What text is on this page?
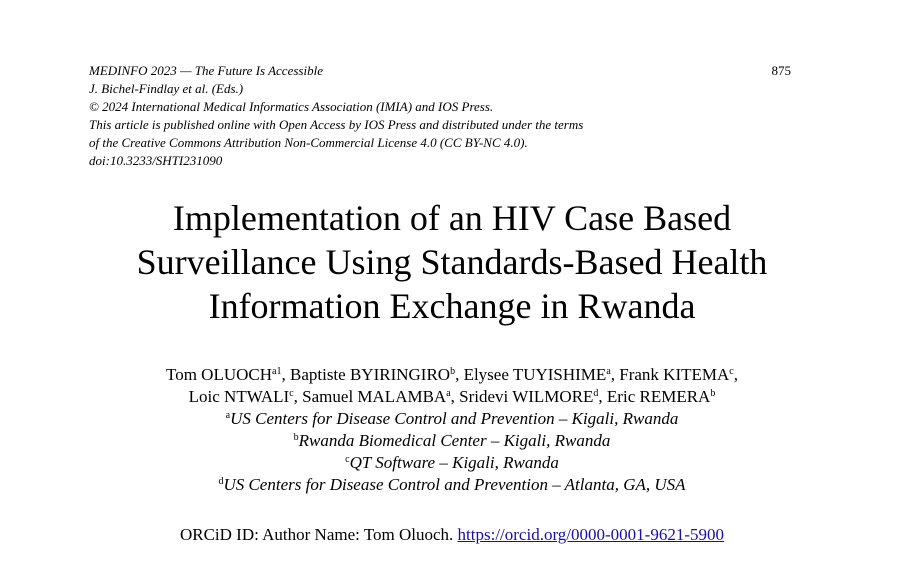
MEDINFO 2023 — The Future Is Accessible
J. Bichel-Findlay et al. (Eds.)
© 2024 International Medical Informatics Association (IMIA) and IOS Press.
This article is published online with Open Access by IOS Press and distributed under the terms
of the Creative Commons Attribution Non-Commercial License 4.0 (CC BY-NC 4.0).
doi:10.3233/SHTI231090
875
Implementation of an HIV Case Based
Surveillance Using Standards-Based Health
Information Exchange in Rwanda
Tom $OLUOCH^{a1}$, Baptiste BYIRINGIRO$^b$, Elysee TUYISHIME$^a$, Frank KITEMA$^c$,
Loic NTWALI$^c$, Samuel MALAMBA$^a$, Sridevi WILMORE$^d$, Eric REMERA$^b$
$^a$US Centers for Disease Control and Prevention – Kigali, Rwanda
$^b$Rwanda Biomedical Center – Kigali, Rwanda
$^c$QT Software – Kigali, Rwanda
$^d$US Centers for Disease Control and Prevention – Atlanta, GA, USA
ORCiD ID: Author Name: Tom Oluoch. https://orcid.org/0000-0001-9621-5900
